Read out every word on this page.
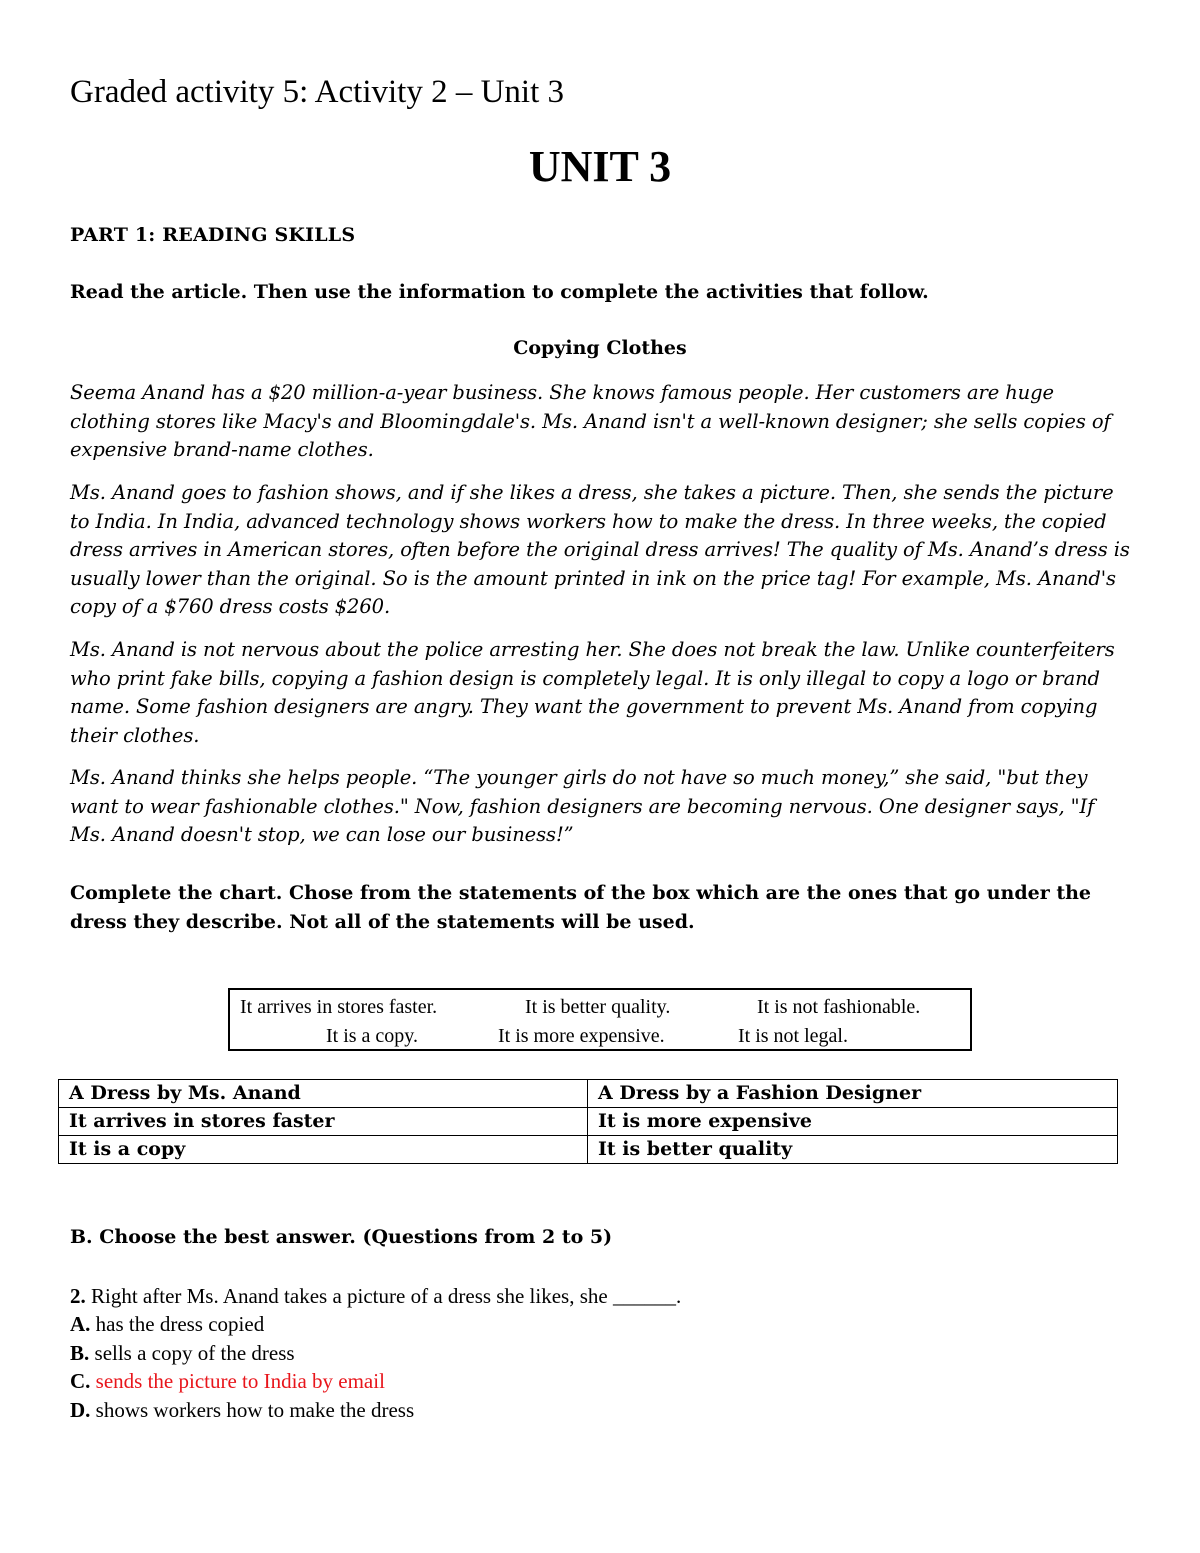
Graded activity 5: Activity 2 – Unit 3
UNIT 3
PART 1: READING SKILLS
Read the article. Then use the information to complete the activities that follow.
Copying Clothes
Seema Anand has a $20 million-a-year business. She knows famous people. Her customers are huge clothing stores like Macy's and Bloomingdale's. Ms. Anand isn't a well-known designer; she sells copies of expensive brand-name clothes.
Ms. Anand goes to fashion shows, and if she likes a dress, she takes a picture. Then, she sends the picture to India. In India, advanced technology shows workers how to make the dress. In three weeks, the copied dress arrives in American stores, often before the original dress arrives! The quality of Ms. Anand’s dress is usually lower than the original. So is the amount printed in ink on the price tag! For example, Ms. Anand's copy of a $760 dress costs $260.
Ms. Anand is not nervous about the police arresting her. She does not break the law. Unlike counterfeiters who print fake bills, copying a fashion design is completely legal. It is only illegal to copy a logo or brand name. Some fashion designers are angry. They want the government to prevent Ms. Anand from copying their clothes.
Ms. Anand thinks she helps people. “The younger girls do not have so much money,” she said, "but they want to wear fashionable clothes." Now, fashion designers are becoming nervous. One designer says, "If Ms. Anand doesn't stop, we can lose our business!”
Complete the chart. Chose from the statements of the box which are the ones that go under the dress they describe. Not all of the statements will be used.
It arrives in stores faster.	It is better quality.	It is not fashionable.
It is a copy.	It is more expensive.	It is not legal.
A Dress by Ms. Anand	A Dress by a Fashion Designer
It arrives in stores faster	It is more expensive
It is a copy	It is better quality
B. Choose the best answer. (Questions from 2 to 5)
2. Right after Ms. Anand takes a picture of a dress she likes, she ______.
A. has the dress copied
B. sells a copy of the dress
C. sends the picture to India by email
D. shows workers how to make the dress
